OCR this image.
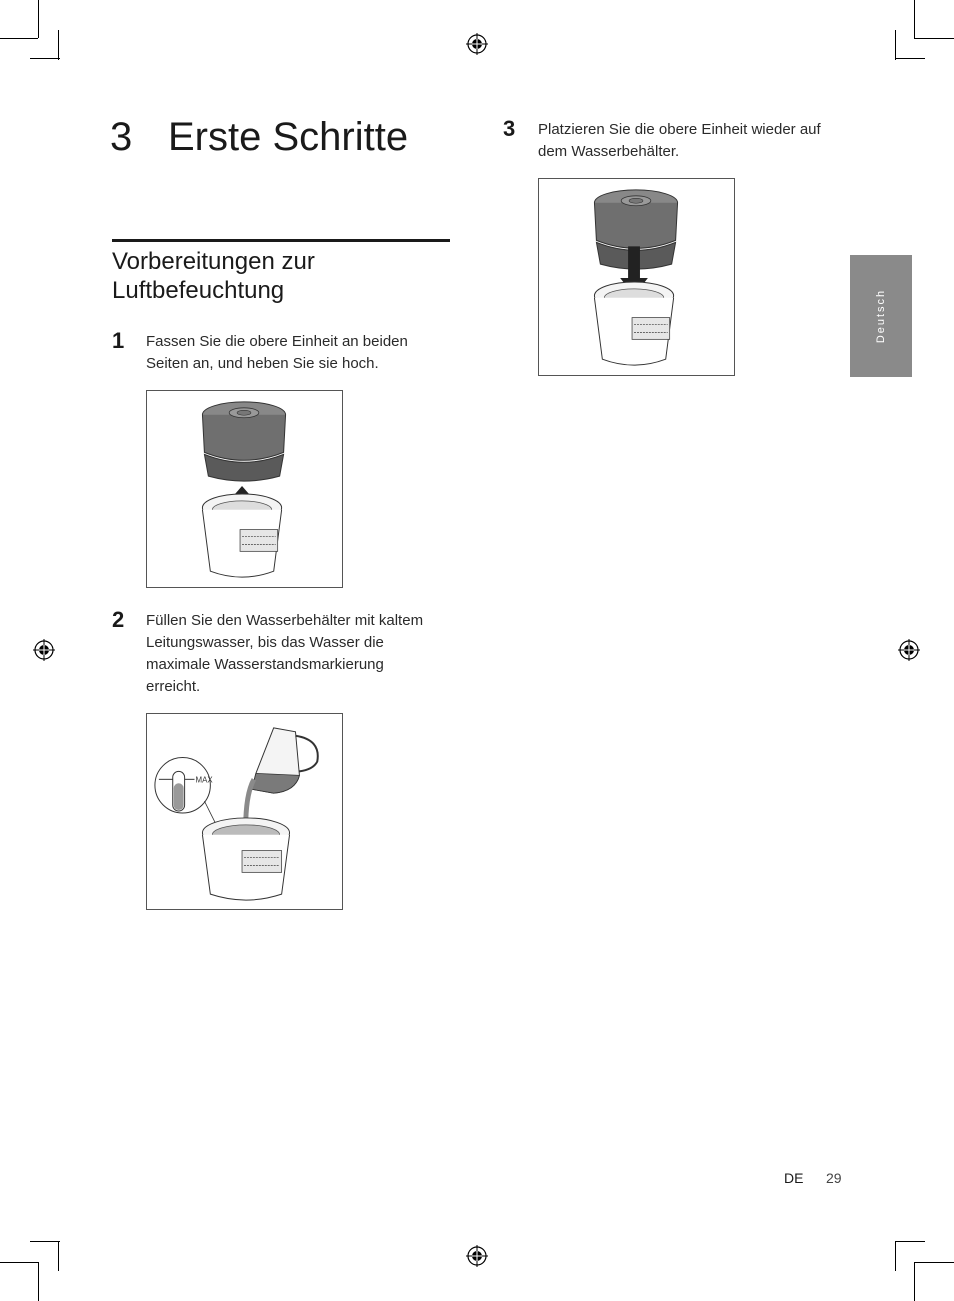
3 Erste Schritte
Vorbereitungen zur Luftbefeuchtung
1 Fassen Sie die obere Einheit an beiden Seiten an, und heben Sie sie hoch.
2 Füllen Sie den Wasserbehälter mit kaltem Leitungswasser, bis das Wasser die maximale Wasserstandsmarkierung erreicht.
MAX
3 Platzieren Sie die obere Einheit wieder auf dem Wasserbehälter.
Deutsch
DE 29
